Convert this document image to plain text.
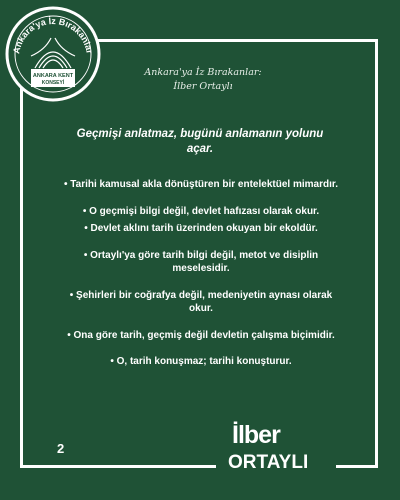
Ankara'ya İz Bırakanlar
ANKARA KENT
KONSEYİ
Ankara'ya İz Bırakanlar:
İlber Ortaylı
Geçmişi anlatmaz, bugünü anlamanın yolunu açar.
• Tarihi kamusal akla dönüştüren bir entelektüel mimardır.
• O geçmişi bilgi değil, devlet hafızası olarak okur.
• Devlet aklını tarih üzerinden okuyan bir ekoldür.
• Ortaylı'ya göre tarih bilgi değil, metot ve disiplin meselesidir.
• Şehirleri bir coğrafya değil, medeniyetin aynası olarak okur.
• Ona göre tarih, geçmiş değil devletin çalışma biçimidir.
• O, tarih konuşmaz; tarihi konuşturur.
2	İlber
ORTAYLI
